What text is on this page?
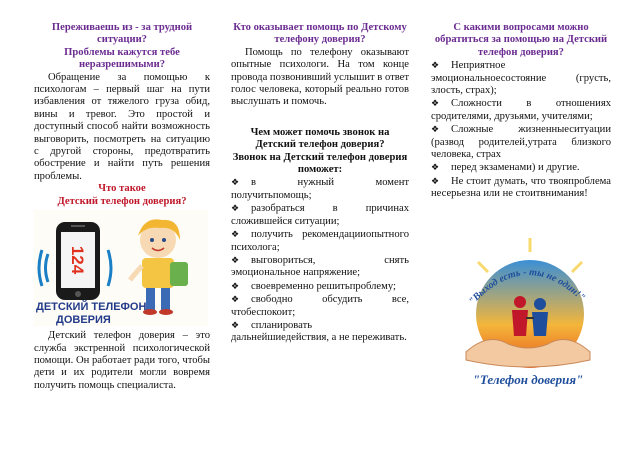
Переживаешь из - за трудной ситуации?

Проблемы кажутся тебе неразрешимыми?

Обращение за помощью к психологам – первый шаг на пути избавления от тяжелого груза обид, вины и тревог. Это простой и доступный способ найти возможность выговорить, посмотреть на ситуацию с другой стороны, предотвратить обострение и найти путь решения проблемы.

Что такое

Детский телефон доверия?

124
ДЕТСКИЙ ТЕЛЕФОН
ДОВЕРИЯ

Детский телефон доверия – это служба экстренной психологической помощи. Он работает ради того, чтобы дети и их родители могли вовремя получить помощь специалиста.

Кто оказывает помощь по Детскому телефону доверия?

Помощь по телефону оказывают опытные психологи. На том конце провода позвонивший услышит в ответ голос человека, который реально готов выслушать и помочь.

Чем может помочь звонок на Детский телефон доверия?

Звонок на Детский телефон доверия поможет:

❖ в нужный момент получитьпомощь;
❖ разобраться в причинах сложившейся ситуации;
❖ получить рекомендацииопытного психолога;
❖ выговориться, снять эмоциональное напряжение;
❖ своевременно решитьпроблему;
❖ свободно обсудить все, чтобеспокоит;
❖ спланировать дальнейшиедействия, а не переживать.

С какими вопросами можно обратиться за помощью на Детский телефон доверия?

❖ Неприятное эмоциональноесостояние (грусть, злость, страх);
❖ Сложности в отношениях сродителями, друзьями, учителями;
❖ Сложные жизненныеситуации (развод родителей,утрата близкого человека, страх
❖ перед экзаменами) и другие.
❖ Не стоит думать, что твояпроблема несерьезна или не стоитвнимания!
"Выход есть - ты не один!"
"Телефон доверия"
